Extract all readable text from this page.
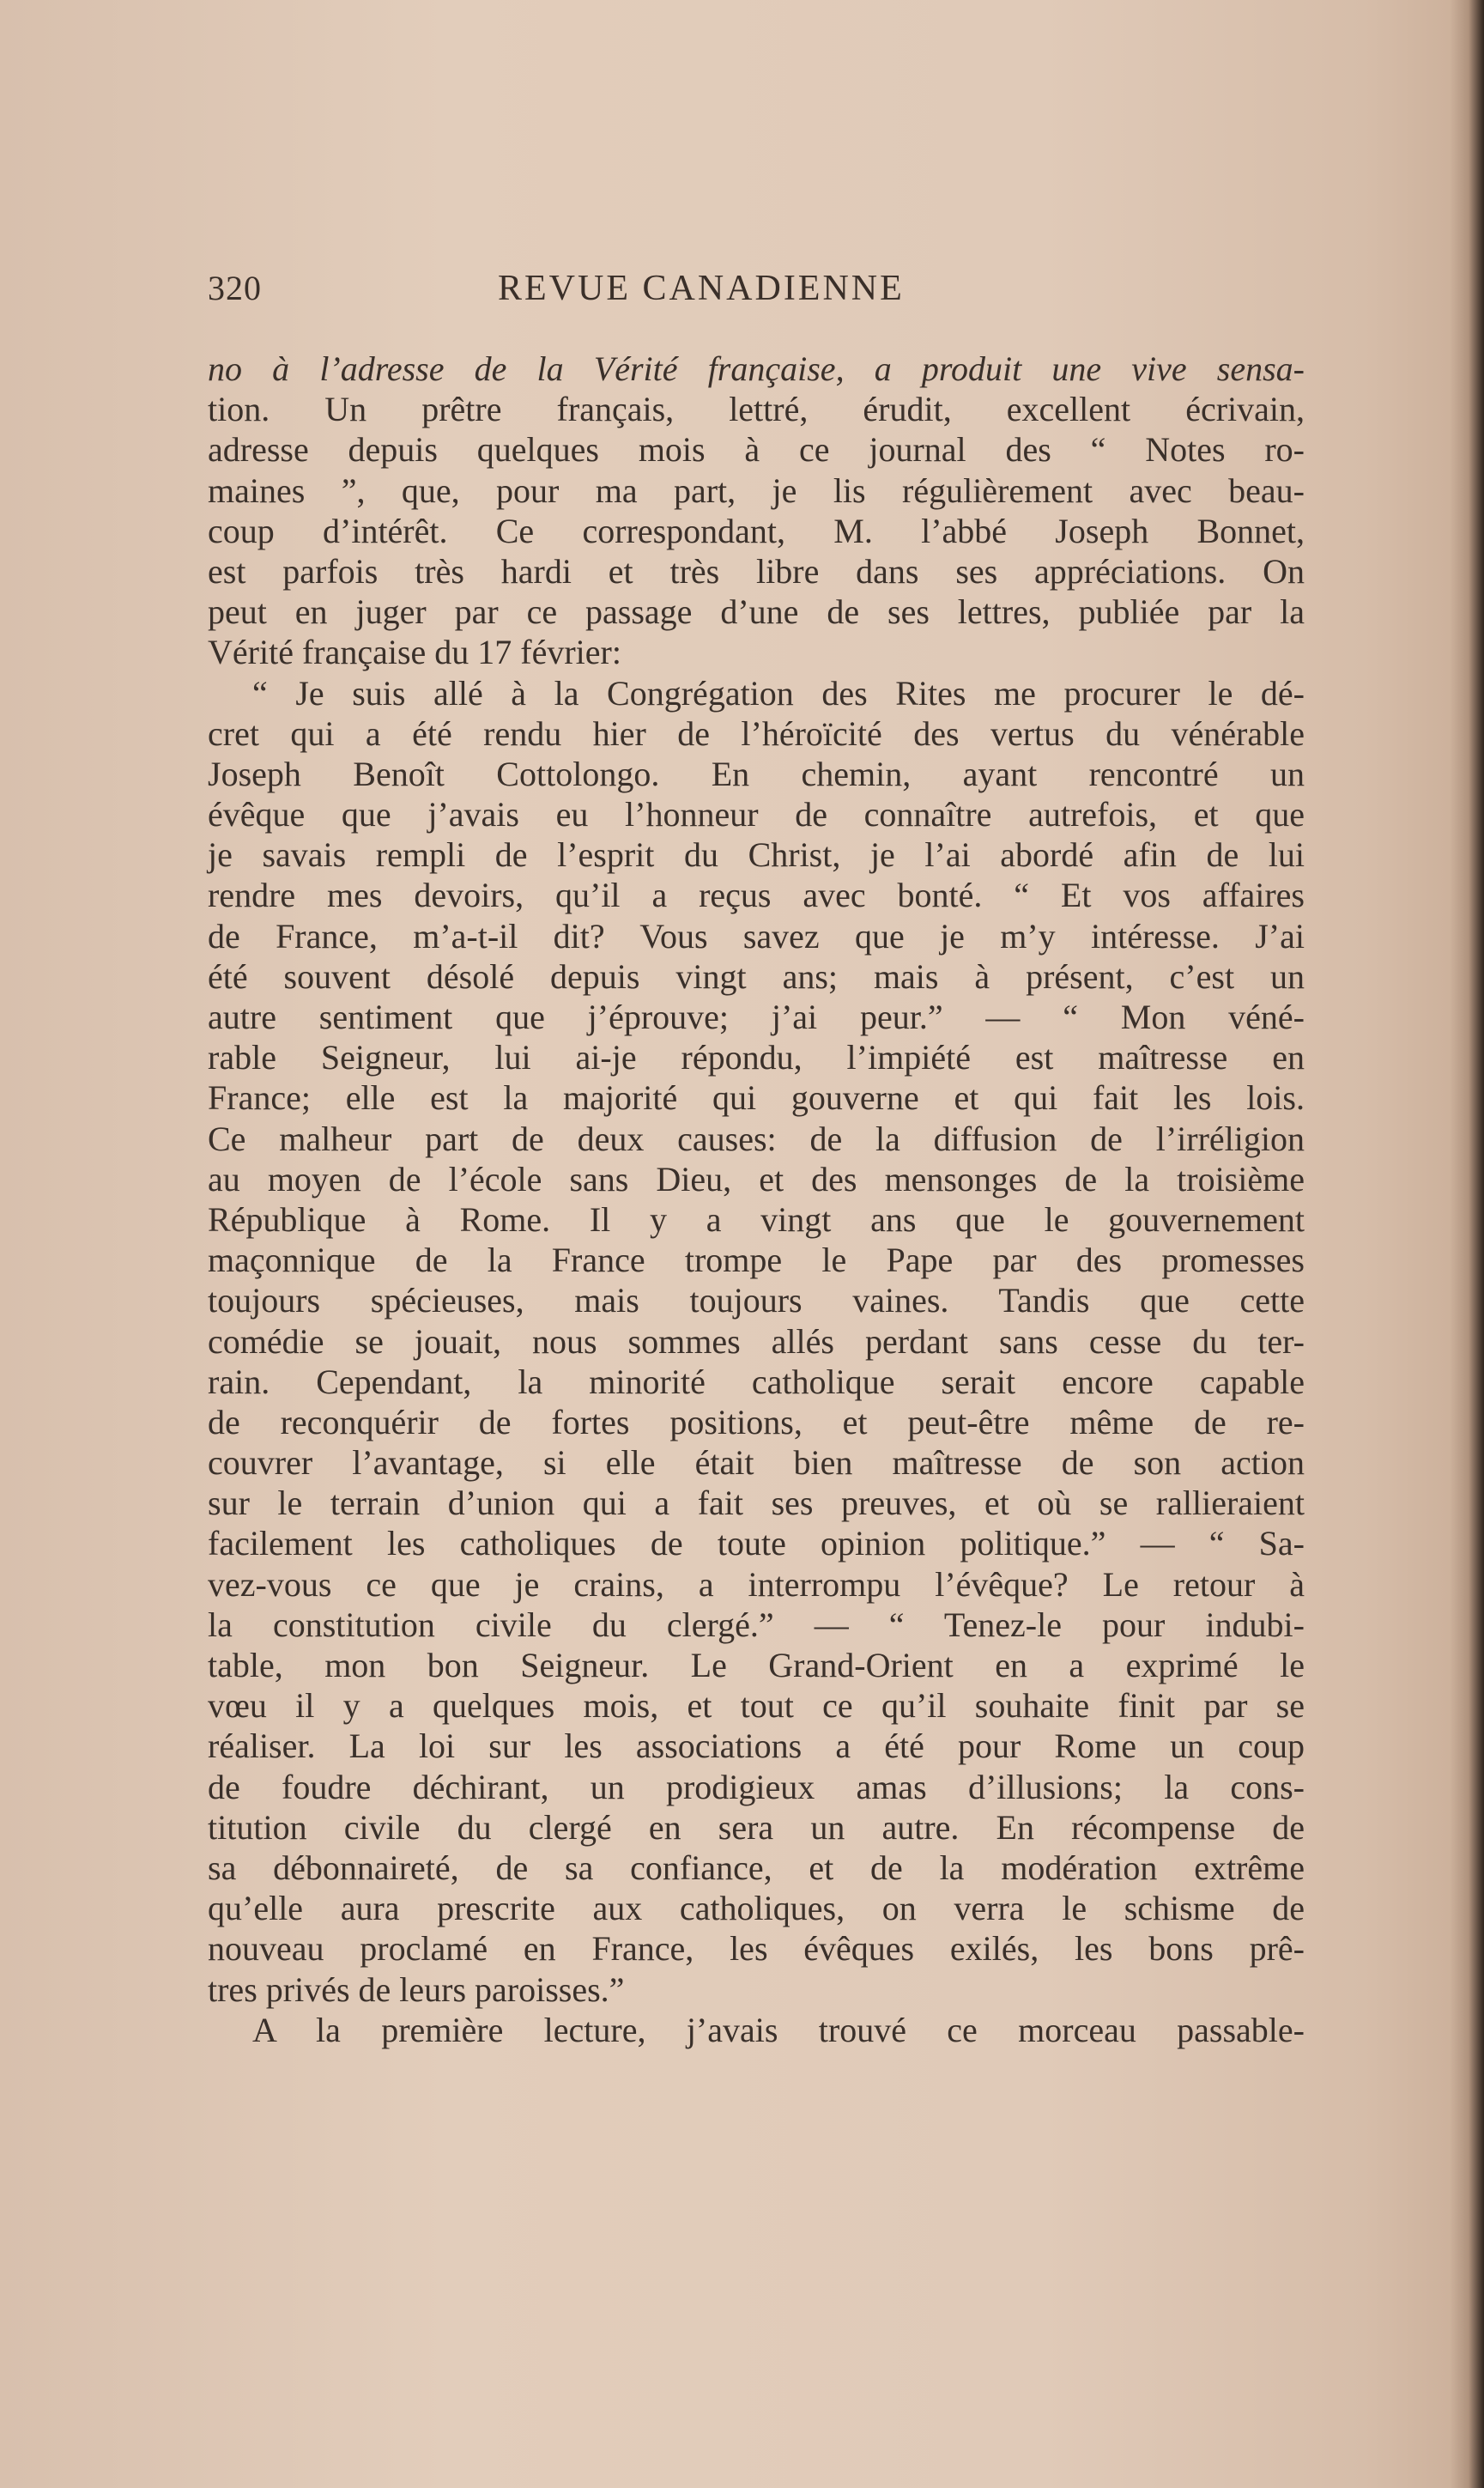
320	REVUE CANADIENNE
no à l’adresse de la Vérité française, a produit une vive sensa-
tion. Un prêtre français, lettré, érudit, excellent écrivain,
adresse depuis quelques mois à ce journal des “ Notes ro-
maines ”, que, pour ma part, je lis régulièrement avec beau-
coup d’intérêt. Ce correspondant, M. l’abbé Joseph Bonnet,
est parfois très hardi et très libre dans ses appréciations. On
peut en juger par ce passage d’une de ses lettres, publiée par la
Vérité française du 17 février:
“ Je suis allé à la Congrégation des Rites me procurer le dé-
cret qui a été rendu hier de l’héroïcité des vertus du vénérable
Joseph Benoît Cottolongo. En chemin, ayant rencontré un
évêque que j’avais eu l’honneur de connaître autrefois, et que
je savais rempli de l’esprit du Christ, je l’ai abordé afin de lui
rendre mes devoirs, qu’il a reçus avec bonté. “ Et vos affaires
de France, m’a-t-il dit? Vous savez que je m’y intéresse. J’ai
été souvent désolé depuis vingt ans; mais à présent, c’est un
autre sentiment que j’éprouve; j’ai peur.” — “ Mon véné-
rable Seigneur, lui ai-je répondu, l’impiété est maîtresse en
France; elle est la majorité qui gouverne et qui fait les lois.
Ce malheur part de deux causes: de la diffusion de l’irréligion
au moyen de l’école sans Dieu, et des mensonges de la troisième
République à Rome. Il y a vingt ans que le gouvernement
maçonnique de la France trompe le Pape par des promesses
toujours spécieuses, mais toujours vaines. Tandis que cette
comédie se jouait, nous sommes allés perdant sans cesse du ter-
rain. Cependant, la minorité catholique serait encore capable
de reconquérir de fortes positions, et peut-être même de re-
couvrer l’avantage, si elle était bien maîtresse de son action
sur le terrain d’union qui a fait ses preuves, et où se rallieraient
facilement les catholiques de toute opinion politique.” — “ Sa-
vez-vous ce que je crains, a interrompu l’évêque? Le retour à
la constitution civile du clergé.” — “ Tenez-le pour indubi-
table, mon bon Seigneur. Le Grand-Orient en a exprimé le
vœu il y a quelques mois, et tout ce qu’il souhaite finit par se
réaliser. La loi sur les associations a été pour Rome un coup
de foudre déchirant, un prodigieux amas d’illusions; la cons-
titution civile du clergé en sera un autre. En récompense de
sa débonnaireté, de sa confiance, et de la modération extrême
qu’elle aura prescrite aux catholiques, on verra le schisme de
nouveau proclamé en France, les évêques exilés, les bons prê-
tres privés de leurs paroisses.”
A la première lecture, j’avais trouvé ce morceau passable-
